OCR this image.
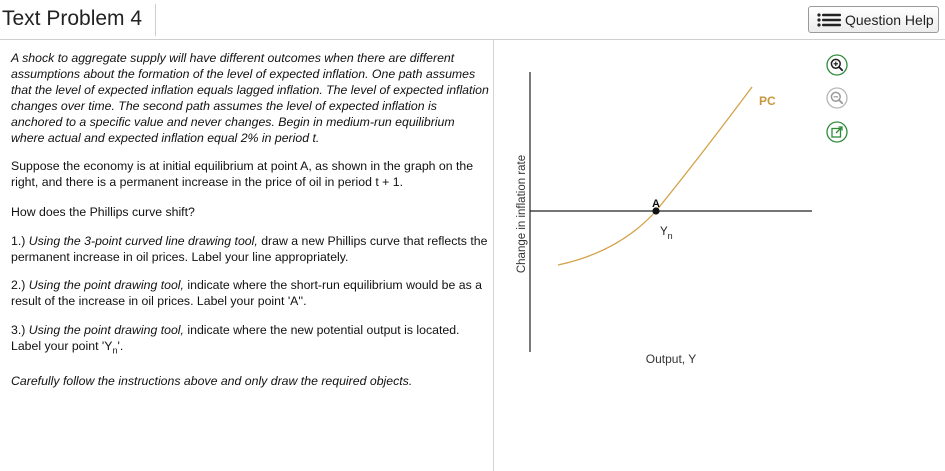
Text Problem 4	Question Help

A shock to aggregate supply will have different outcomes when there are different assumptions about the formation of the level of expected inflation. One path assumes that the level of expected inflation equals lagged inflation. The level of expected inflation changes over time. The second path assumes the level of expected inflation is anchored to a specific value and never changes. Begin in medium-run equilibrium where actual and expected inflation equal 2% in period t.

Suppose the economy is at initial equilibrium at point A, as shown in the graph on the right, and there is a permanent increase in the price of oil in period t + 1.

How does the Phillips curve shift?

1.) Using the 3-point curved line drawing tool, draw a new Phillips curve that reflects the permanent increase in oil prices. Label your line appropriately.

2.) Using the point drawing tool, indicate where the short-run equilibrium would be as a result of the increase in oil prices. Label your point 'A''.

3.) Using the point drawing tool, indicate where the new potential output is located. Label your point '$Y_n$'.

Carefully follow the instructions above and only draw the required objects.

Change in inflation rate
Output, Y
PC
A
$Y_n$
